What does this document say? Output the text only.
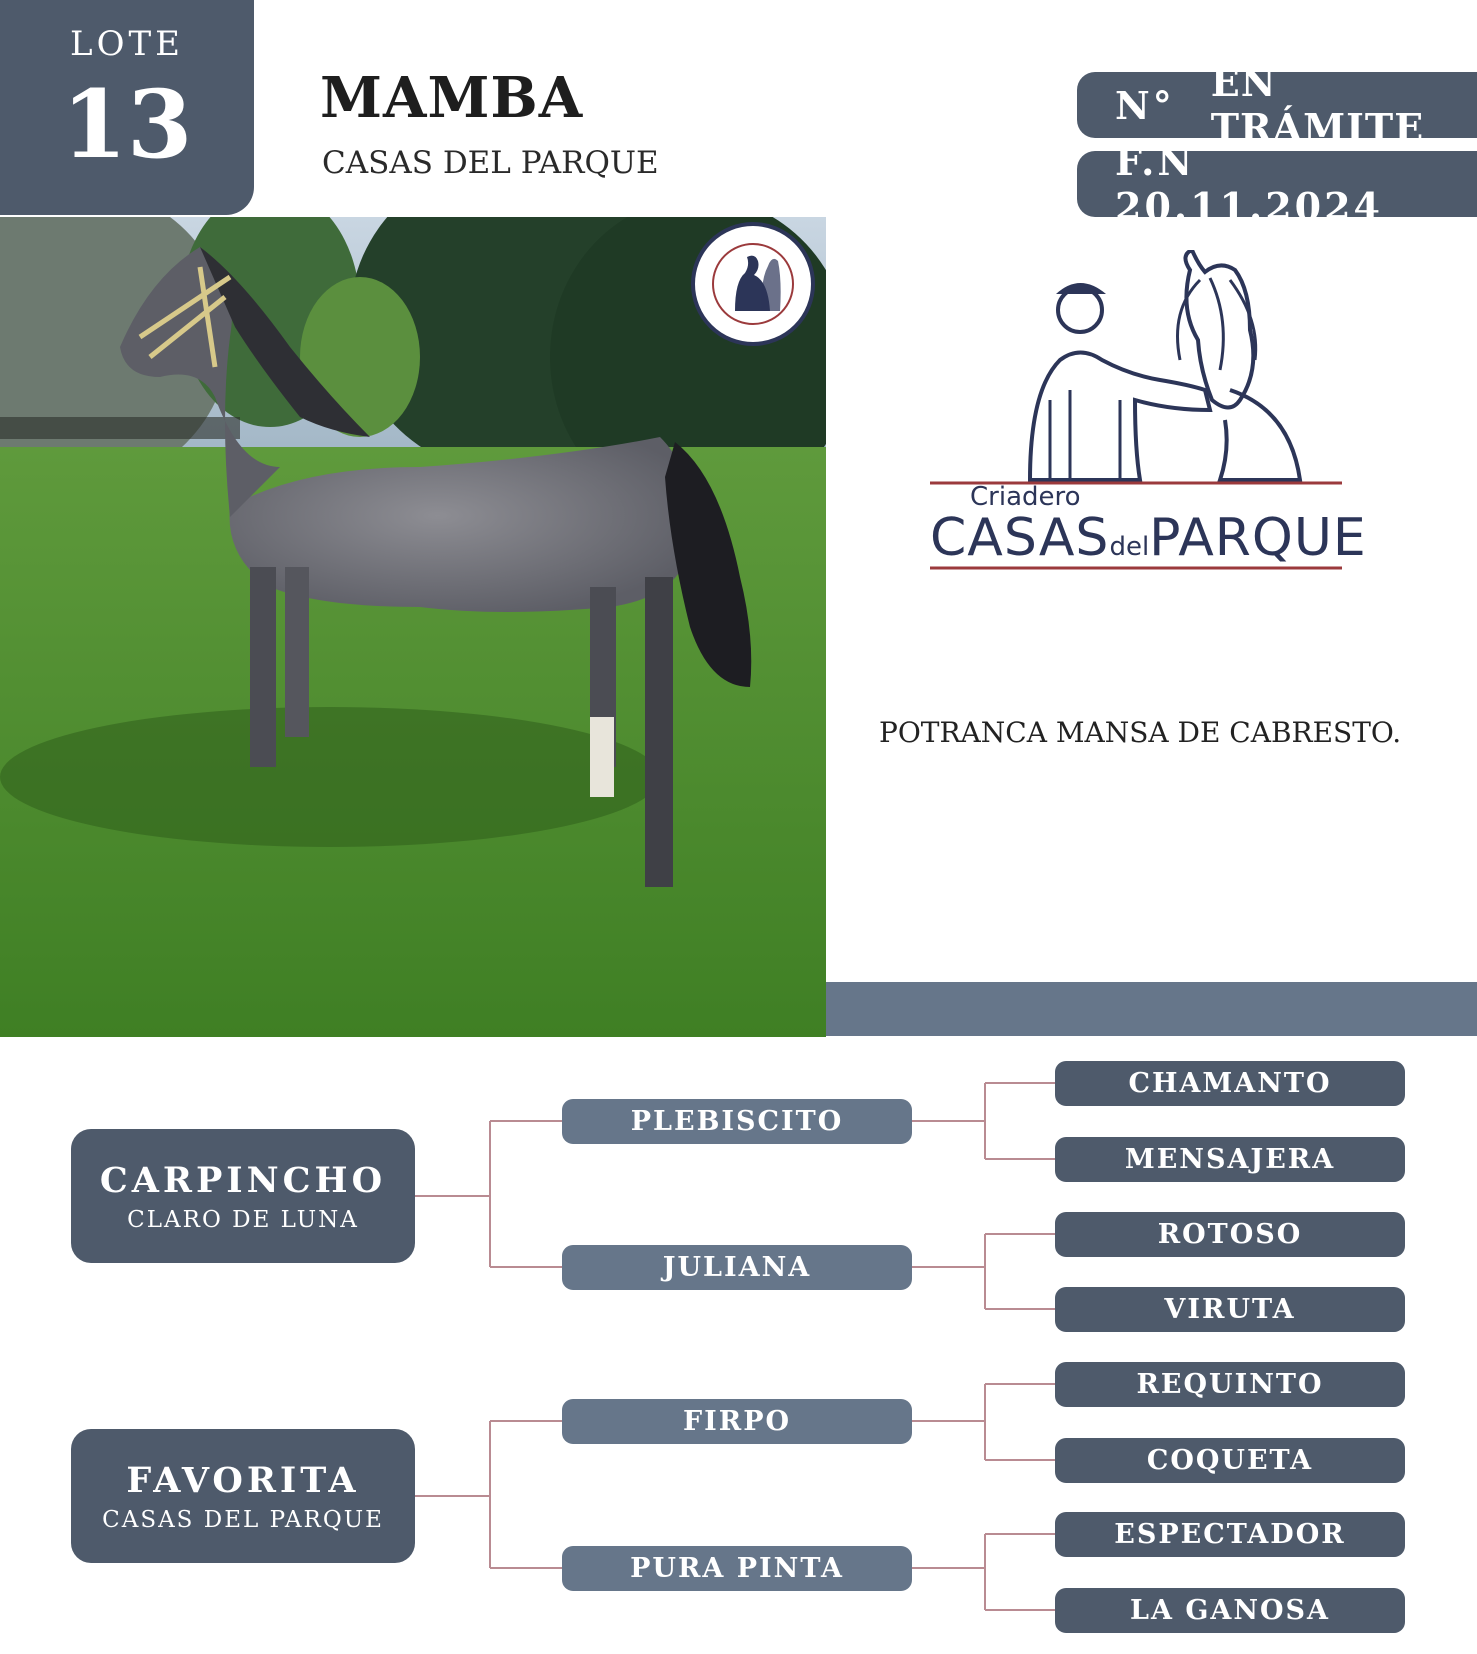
LOTE
13	MAMBA
CASAS DEL PARQUE
N° EN TRÁMITE
F.N 20.11.2024
Criadero
CASASdelPARQUE
POTRANCA MANSA DE CABRESTO.
CARPINCHO
CLARO DE LUNA
FAVORITA
CASAS DEL PARQUE
PLEBISCITO
JULIANA
FIRPO
PURA PINTA
CHAMANTO
MENSAJERA
ROTOSO
VIRUTA
REQUINTO
COQUETA
ESPECTADOR
LA GANOSA
